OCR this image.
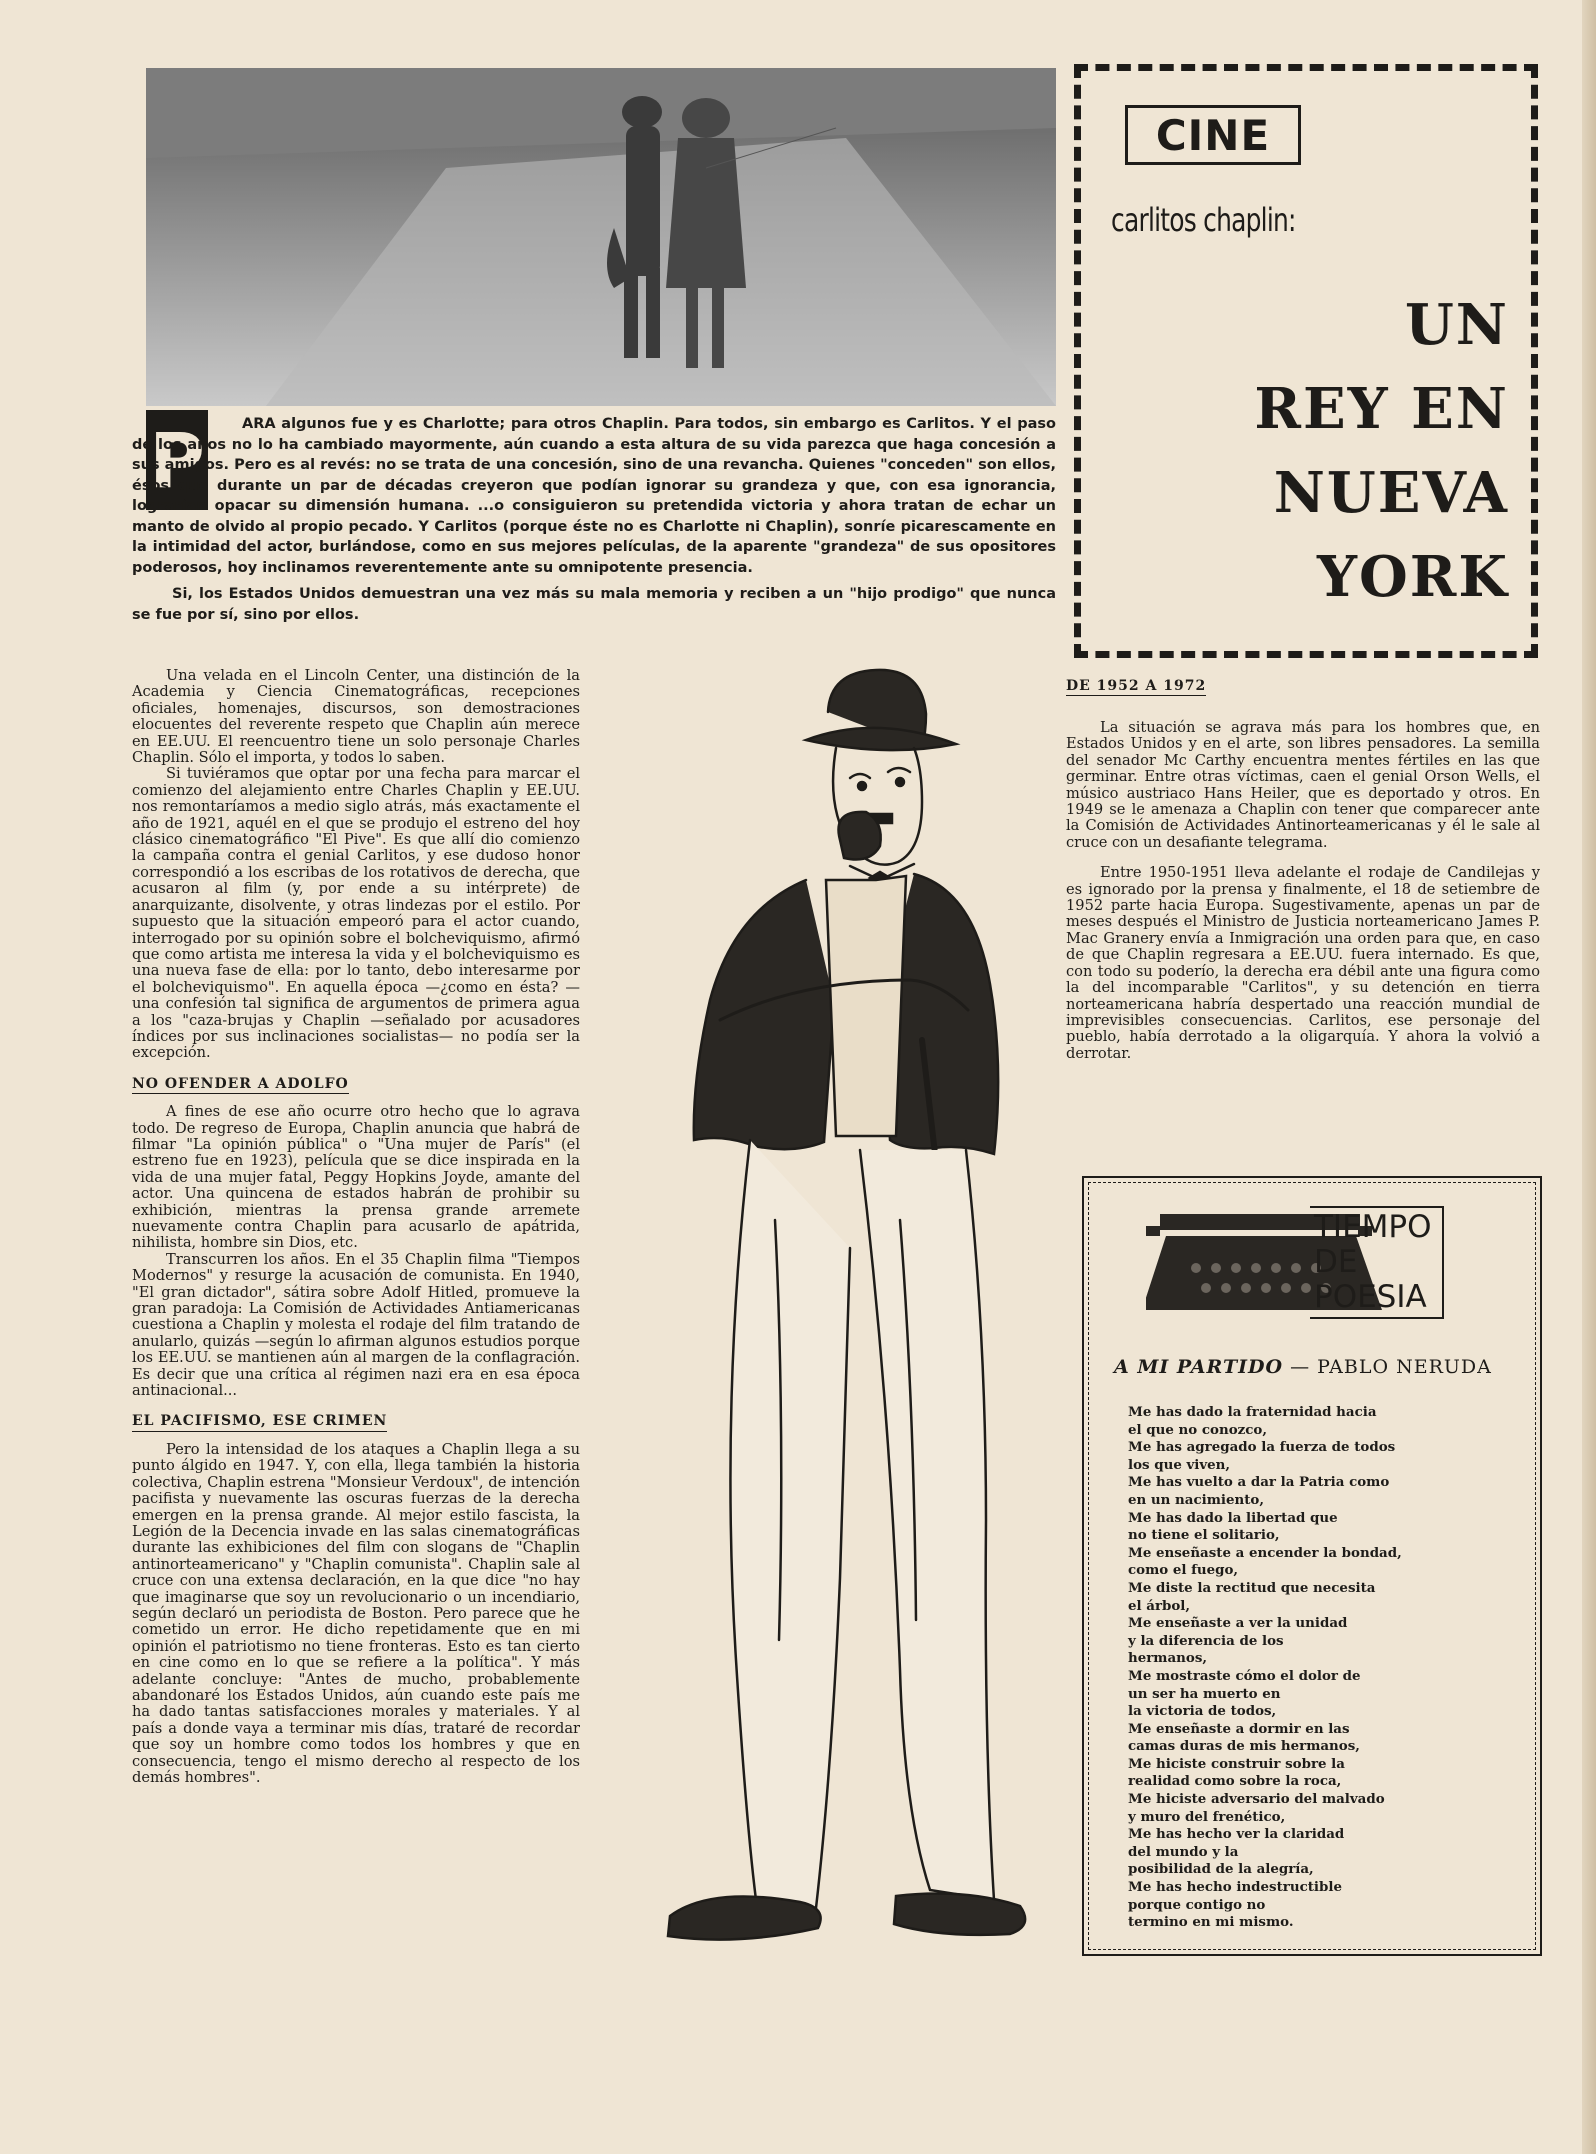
P	ARA algunos fue y es Charlotte; para otros Chaplin. Para todos, sin embargo es Carlitos. Y el paso de los años no lo ha cambiado mayormente, aún cuando a esta altura de su vida parezca que haga concesión a sus amigos. Pero es al revés: no se trata de una concesión, sino de una revancha. Quienes "conceden" son ellos, ésos que durante un par de décadas creyeron que podían ignorar su grandeza y que, con esa ignorancia, lograrían opacar su dimensión humana. ...o consiguieron su pretendida victoria y ahora tratan de echar un manto de olvido al propio pecado. Y Carlitos (porque éste no es Charlotte ni Chaplin), sonríe picarescamente en la intimidad del actor, burlándose, como en sus mejores películas, de la aparente "grandeza" de sus opositores poderosos, hoy inclinamos reverentemente ante su omnipotente presencia.

Si, los Estados Unidos demuestran una vez más su mala memoria y reciben a un "hijo prodigo" que nunca se fue por sí, sino por ellos.

CINE
carlitos chaplin:
UN
REY EN
NUEVA
YORK

Una velada en el Lincoln Center, una distinción de la Academia y Ciencia Cinematográficas, recepciones oficiales, homenajes, discursos, son demostraciones elocuentes del reverente respeto que Chaplin aún merece en EE.UU. El reencuentro tiene un solo personaje Charles Chaplin. Sólo el importa, y todos lo saben.

Si tuviéramos que optar por una fecha para marcar el comienzo del alejamiento entre Charles Chaplin y EE.UU. nos remontaríamos a medio siglo atrás, más exactamente el año de 1921, aquél en el que se produjo el estreno del hoy clásico cinematográfico "El Pive". Es que allí dio comienzo la campaña contra el genial Carlitos, y ese dudoso honor correspondió a los escribas de los rotativos de derecha, que acusaron al film (y, por ende a su intérprete) de anarquizante, disolvente, y otras lindezas por el estilo. Por supuesto que la situación empeoró para el actor cuando, interrogado por su opinión sobre el bolcheviquismo, afirmó que como artista me interesa la vida y el bolcheviquismo es una nueva fase de ella: por lo tanto, debo interesarme por el bolcheviquismo". En aquella época —¿como en ésta? —una confesión tal significa de argumentos de primera agua a los "caza-brujas y Chaplin —señalado por acusadores índices por sus inclinaciones socialistas— no podía ser la excepción.

NO OFENDER A ADOLFO

A fines de ese año ocurre otro hecho que lo agrava todo. De regreso de Europa, Chaplin anuncia que habrá de filmar "La opinión pública" o "Una mujer de París" (el estreno fue en 1923), película que se dice inspirada en la vida de una mujer fatal, Peggy Hopkins Joyde, amante del actor. Una quincena de estados habrán de prohibir su exhibición, mientras la prensa grande arremete nuevamente contra Chaplin para acusarlo de apátrida, nihilista, hombre sin Dios, etc.

Transcurren los años. En el 35 Chaplin filma "Tiempos Modernos" y resurge la acusación de comunista. En 1940, "El gran dictador", sátira sobre Adolf Hitled, promueve la gran paradoja: La Comisión de Actividades Antiamericanas cuestiona a Chaplin y molesta el rodaje del film tratando de anularlo, quizás —según lo afirman algunos estudios porque los EE.UU. se mantienen aún al margen de la conflagración. Es decir que una crítica al régimen nazi era en esa época antinacional...

EL PACIFISMO, ESE CRIMEN

Pero la intensidad de los ataques a Chaplin llega a su punto álgido en 1947. Y, con ella, llega también la historia colectiva, Chaplin estrena "Monsieur Verdoux", de intención pacifista y nuevamente las oscuras fuerzas de la derecha emergen en la prensa grande. Al mejor estilo fascista, la Legión de la Decencia invade en las salas cinematográficas durante las exhibiciones del film con slogans de "Chaplin antinorteamericano" y "Chaplin comunista". Chaplin sale al cruce con una extensa declaración, en la que dice "no hay que imaginarse que soy un revolucionario o un incendiario, según declaró un periodista de Boston. Pero parece que he cometido un error. He dicho repetidamente que en mi opinión el patriotismo no tiene fronteras. Esto es tan cierto en cine como en lo que se refiere a la política". Y más adelante concluye: "Antes de mucho, probablemente abandonaré los Estados Unidos, aún cuando este país me ha dado tantas satisfacciones morales y materiales. Y al país a donde vaya a terminar mis días, trataré de recordar que soy un hombre como todos los hombres y que en consecuencia, tengo el mismo derecho al respecto de los demás hombres".

DE 1952 A 1972

La situación se agrava más para los hombres que, en Estados Unidos y en el arte, son libres pensadores. La semilla del senador Mc Carthy encuentra mentes fértiles en las que germinar. Entre otras víctimas, caen el genial Orson Wells, el músico austriaco Hans Heiler, que es deportado y otros. En 1949 se le amenaza a Chaplin con tener que comparecer ante la Comisión de Actividades Antinorteamericanas y él le sale al cruce con un desafiante telegrama.

Entre 1950-1951 lleva adelante el rodaje de Candilejas y es ignorado por la prensa y finalmente, el 18 de setiembre de 1952 parte hacia Europa. Sugestivamente, apenas un par de meses después el Ministro de Justicia norteamericano James P. Mac Granery envía a Inmigración una orden para que, en caso de que Chaplin regresara a EE.UU. fuera internado. Es que, con todo su poderío, la derecha era débil ante una figura como la del incomparable "Carlitos", y su detención en tierra norteamericana habría despertado una reacción mundial de imprevisibles consecuencias. Carlitos, ese personaje del pueblo, había derrotado a la oligarquía. Y ahora la volvió a derrotar.

TIEMPO
DE
POESIA
A MI PARTIDO — PABLO NERUDA
Me has dado la fraternidad hacia
el que no conozco,
Me has agregado la fuerza de todos
los que viven,
Me has vuelto a dar la Patria como
en un nacimiento,
Me has dado la libertad que
no tiene el solitario,
Me enseñaste a encender la bondad,
como el fuego,
Me diste la rectitud que necesita
el árbol,
Me enseñaste a ver la unidad
y la diferencia de los
hermanos,
Me mostraste cómo el dolor de
un ser ha muerto en
la victoria de todos,
Me enseñaste a dormir en las
camas duras de mis hermanos,
Me hiciste construir sobre la
realidad como sobre la roca,
Me hiciste adversario del malvado
y muro del frenético,
Me has hecho ver la claridad
del mundo y la
posibilidad de la alegría,
Me has hecho indestructible
porque contigo no
termino en mi mismo.
